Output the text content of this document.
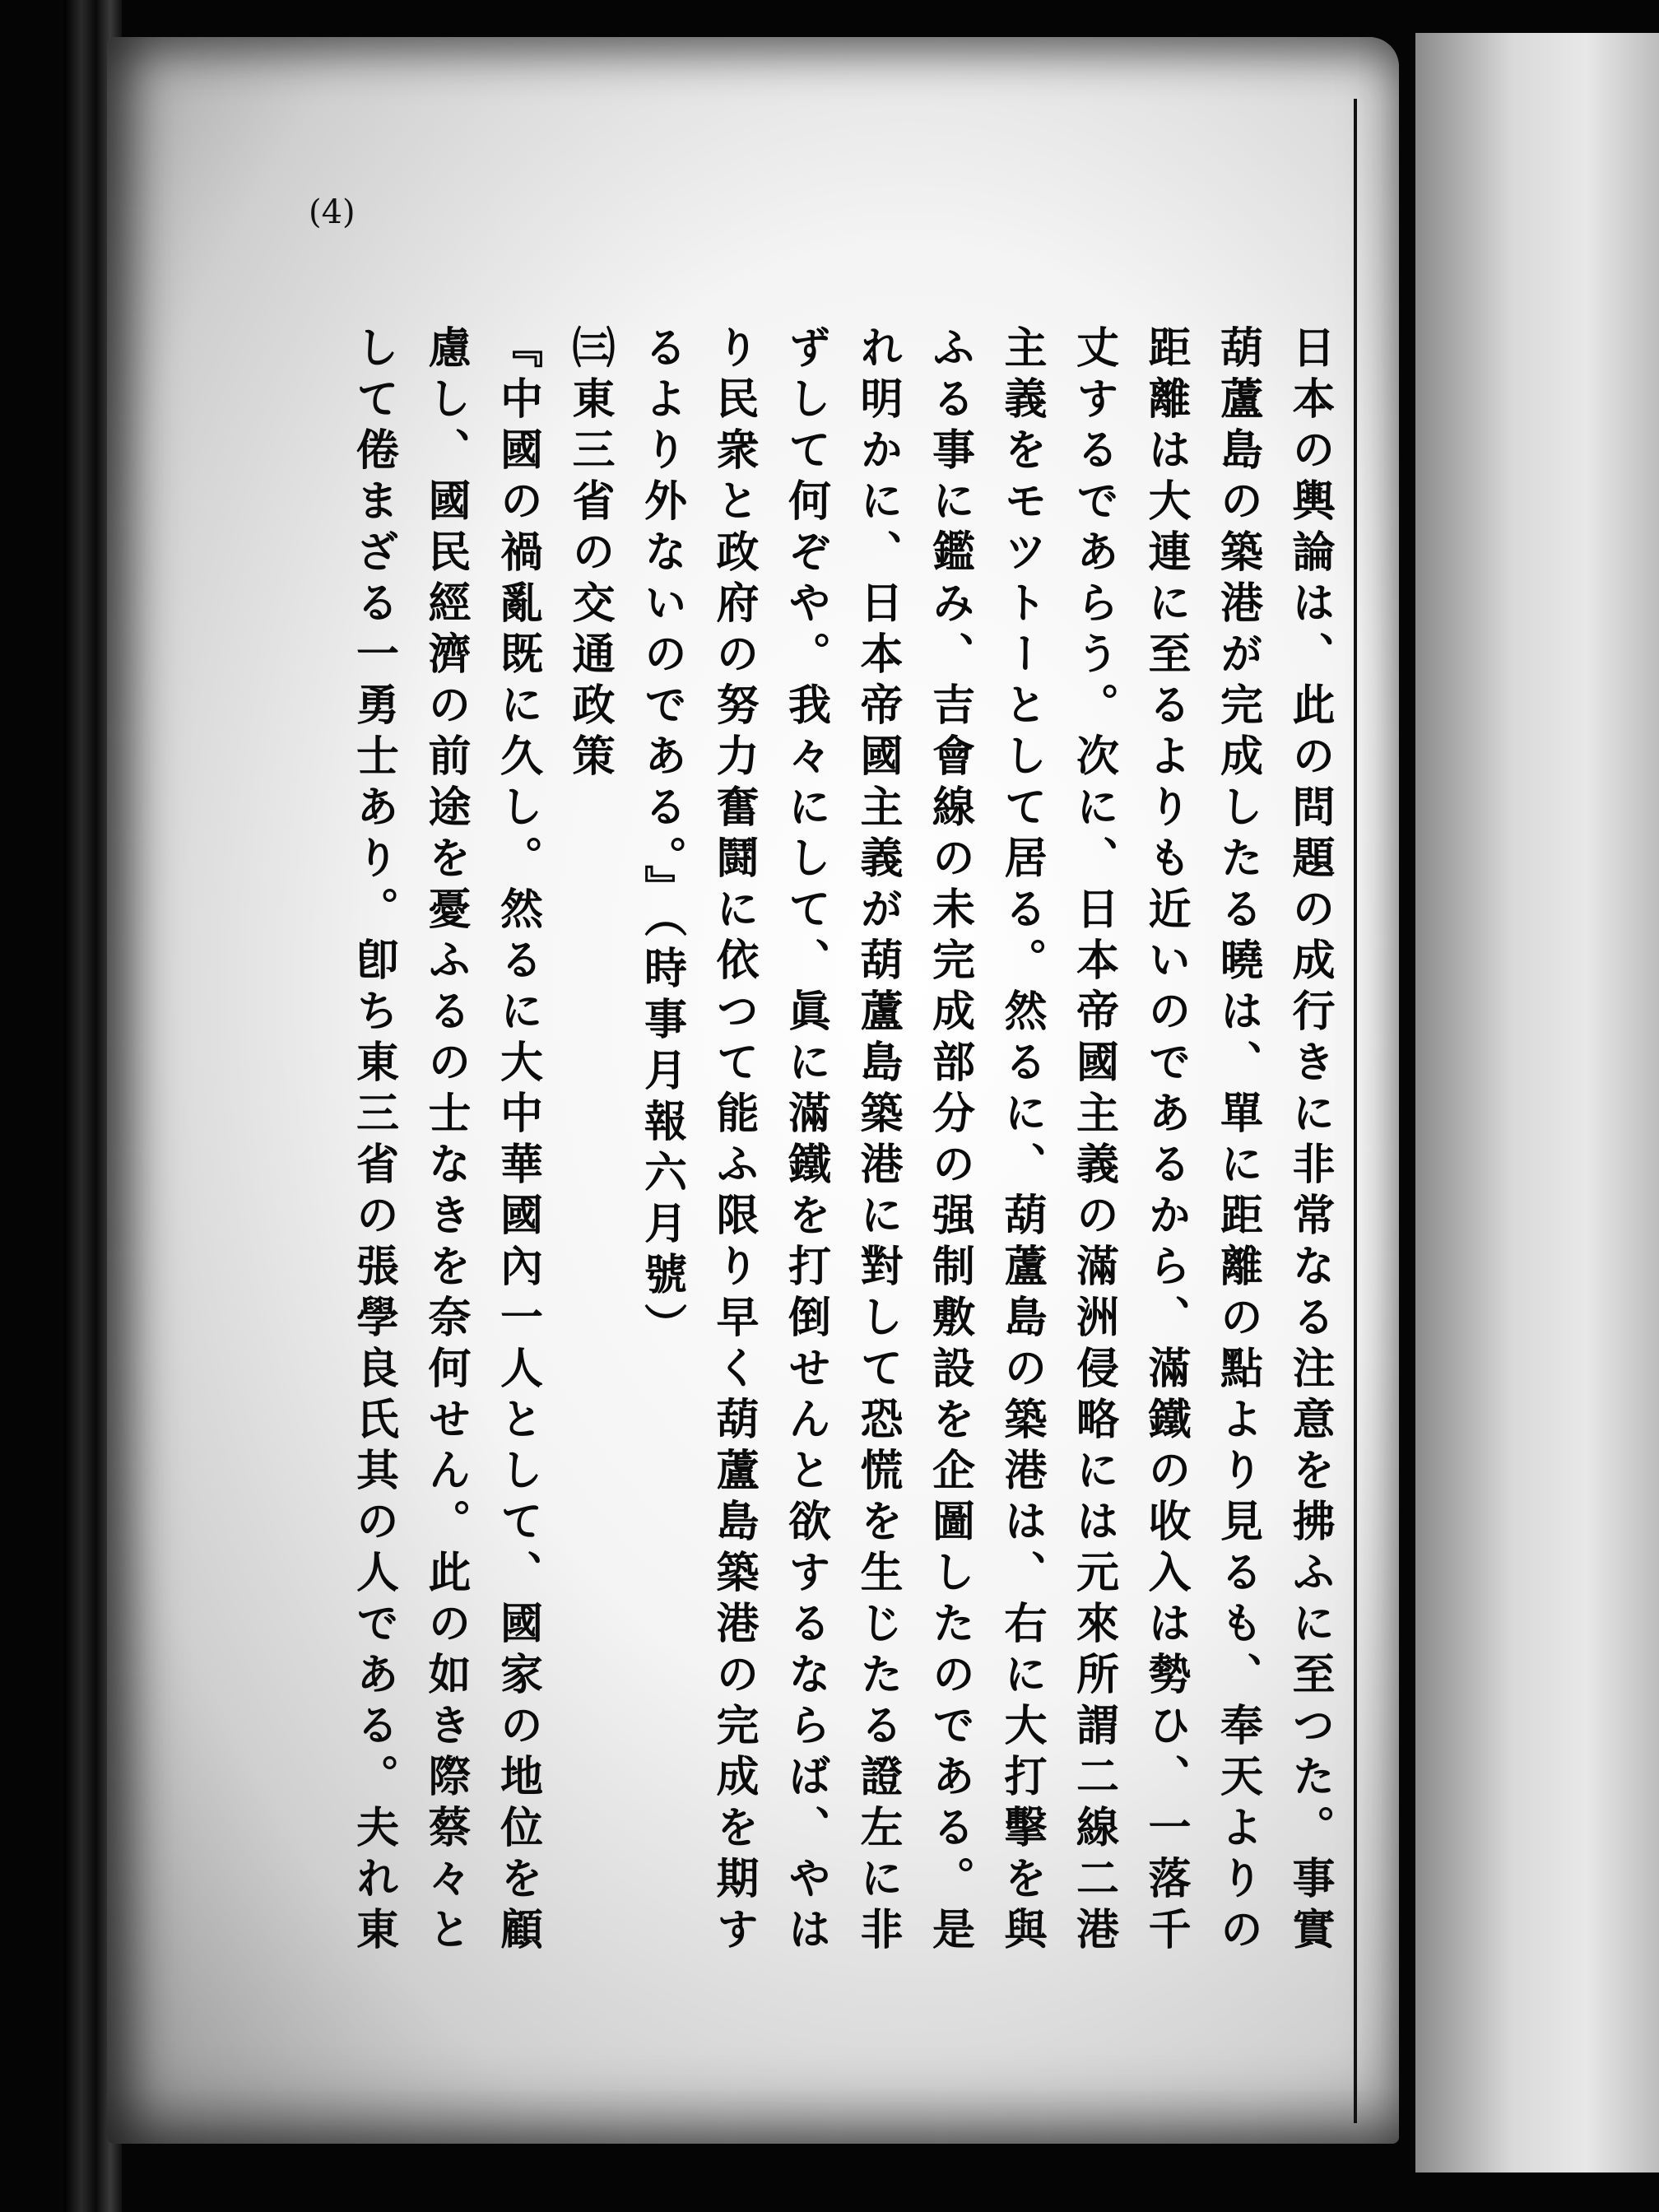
(4)
日本の輿論は、此の問題の成行きに非常なる注意を拂ふに至つた。事實
葫蘆島の築港が完成したる曉は、單に距離の點より見るも、奉天よりの
距離は大連に至るよりも近いのであるから、滿鐵の收入は勢ひ、一落千
丈するであらう。次に、日本帝國主義の滿洲侵略には元來所謂二線二港
主義をモツトーとして居る。然るに、葫蘆島の築港は、右に大打擊を與
ふる事に鑑み、吉會線の未完成部分の强制敷設を企圖したのである。是
れ明かに、日本帝國主義が葫蘆島築港に對して恐慌を生じたる證左に非
ずして何ぞや。我々にして、眞に滿鐵を打倒せんと欲するならば、やは
り民衆と政府の努力奮鬪に依つて能ふ限り早く葫蘆島築港の完成を期す
るより外ないのである。』（時事月報六月號）
㈢東三省の交通政策
『中國の禍亂既に久し。然るに大中華國內一人として、國家の地位を顧
慮し、國民經濟の前途を憂ふるの士なきを奈何せん。此の如き際蔡々と
して倦まざる一勇士あり。卽ち東三省の張學良氏其の人である。夫れ東
